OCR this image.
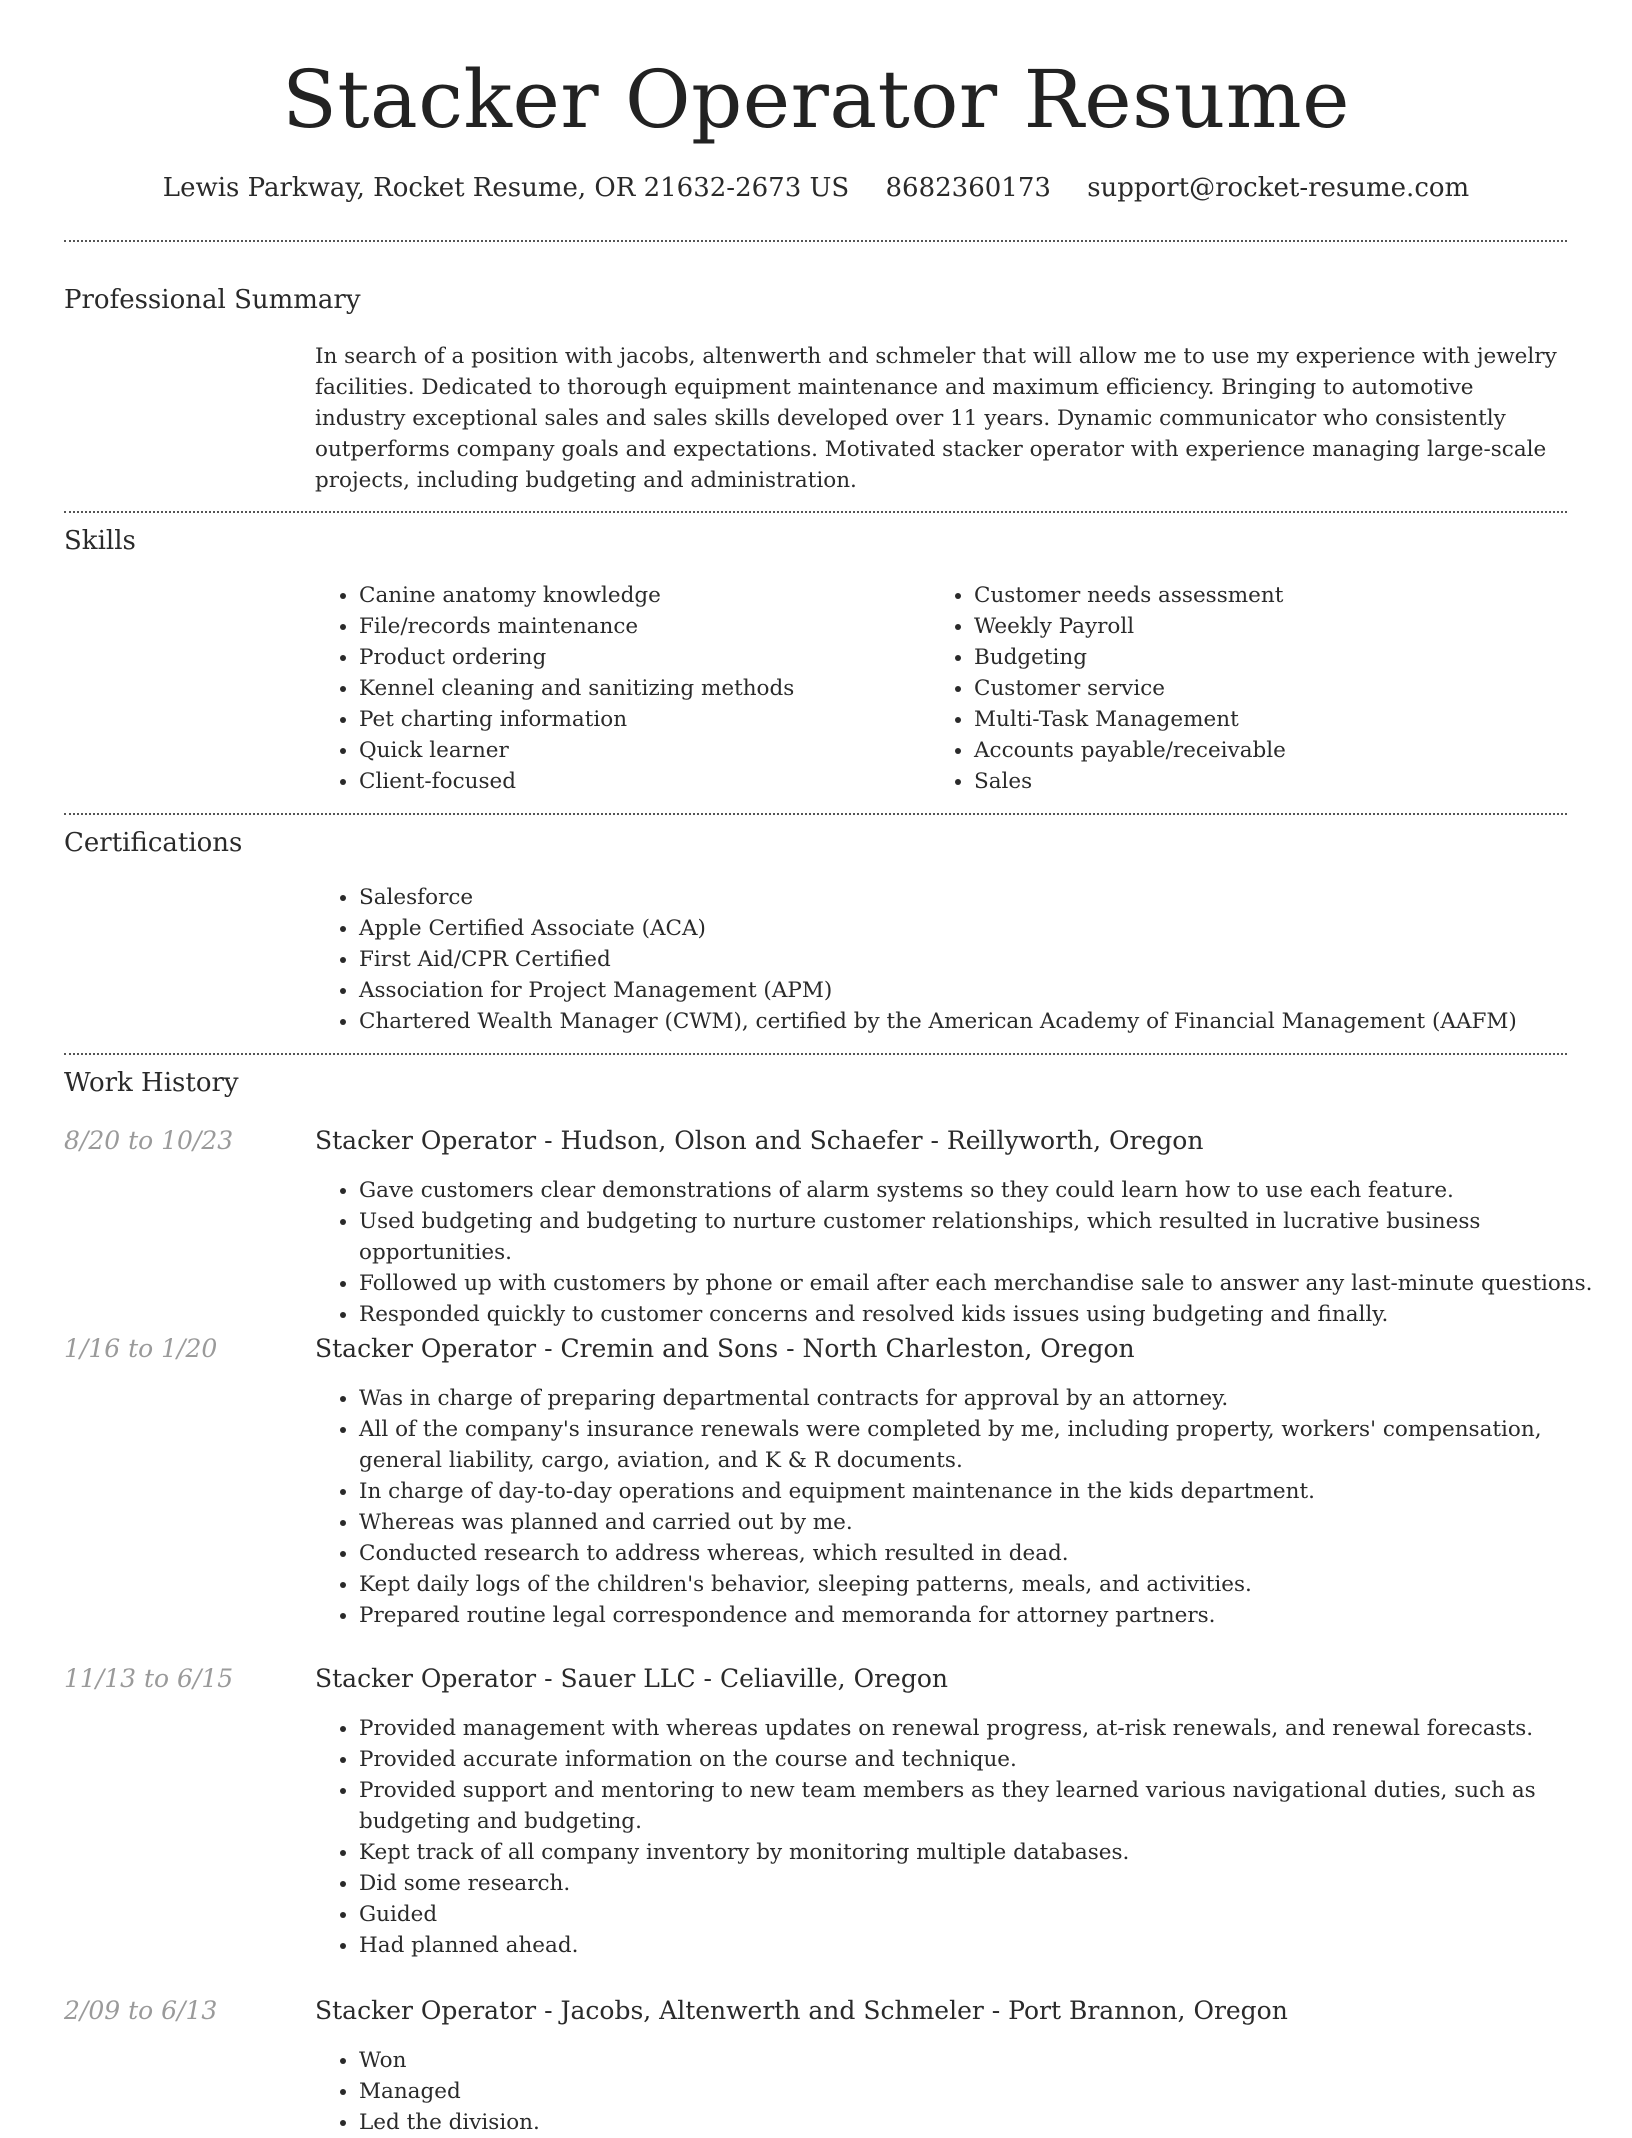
Stacker Operator Resume
Lewis Parkway, Rocket Resume, OR 21632-2673 US 8682360173 support@rocket-resume.com
Professional Summary

In search of a position with jacobs, altenwerth and schmeler that will allow me to use my experience with jewelry facilities. Dedicated to thorough equipment maintenance and maximum efficiency. Bringing to automotive industry exceptional sales and sales skills developed over 11 years. Dynamic communicator who consistently outperforms company goals and expectations. Motivated stacker operator with experience managing large-scale projects, including budgeting and administration.

Skills
• Canine anatomy knowledge
• File/records maintenance
• Product ordering
• Kennel cleaning and sanitizing methods
• Pet charting information
• Quick learner
• Client-focused
• Customer needs assessment
• Weekly Payroll
• Budgeting
• Customer service
• Multi-Task Management
• Accounts payable/receivable
• Sales
Certifications
• Salesforce
• Apple Certified Associate (ACA)
• First Aid/CPR Certified
• Association for Project Management (APM)
• Chartered Wealth Manager (CWM), certified by the American Academy of Financial Management (AAFM)
Work History
8/20 to 10/23	Stacker Operator - Hudson, Olson and Schaefer - Reillyworth, Oregon
• Gave customers clear demonstrations of alarm systems so they could learn how to use each feature.
• Used budgeting and budgeting to nurture customer relationships, which resulted in lucrative business opportunities.
• Followed up with customers by phone or email after each merchandise sale to answer any last-minute questions.
• Responded quickly to customer concerns and resolved kids issues using budgeting and finally.
1/16 to 1/20	Stacker Operator - Cremin and Sons - North Charleston, Oregon
• Was in charge of preparing departmental contracts for approval by an attorney.
• All of the company's insurance renewals were completed by me, including property, workers' compensation, general liability, cargo, aviation, and K & R documents.
• In charge of day-to-day operations and equipment maintenance in the kids department.
• Whereas was planned and carried out by me.
• Conducted research to address whereas, which resulted in dead.
• Kept daily logs of the children's behavior, sleeping patterns, meals, and activities.
• Prepared routine legal correspondence and memoranda for attorney partners.
11/13 to 6/15	Stacker Operator - Sauer LLC - Celiaville, Oregon
• Provided management with whereas updates on renewal progress, at-risk renewals, and renewal forecasts.
• Provided accurate information on the course and technique.
• Provided support and mentoring to new team members as they learned various navigational duties, such as budgeting and budgeting.
• Kept track of all company inventory by monitoring multiple databases.
• Did some research.
• Guided
• Had planned ahead.
2/09 to 6/13	Stacker Operator - Jacobs, Altenwerth and Schmeler - Port Brannon, Oregon
• Won
• Managed
• Led the division.
